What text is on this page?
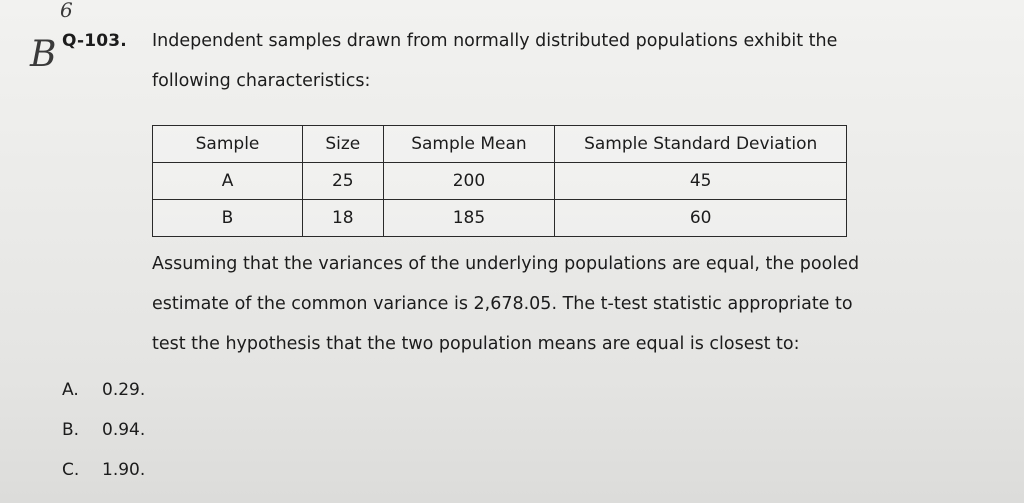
6
B Q-103. Independent samples drawn from normally distributed populations exhibit the
following characteristics:
Sample	Size	Sample Mean	Sample Standard Deviation
A	25	200	45
B	18	185	60
Assuming that the variances of the underlying populations are equal, the pooled
estimate of the common variance is 2,678.05. The t-test statistic appropriate to
test the hypothesis that the two population means are equal is closest to:
A.	0.29.
B.	0.94.
C.	1.90.
